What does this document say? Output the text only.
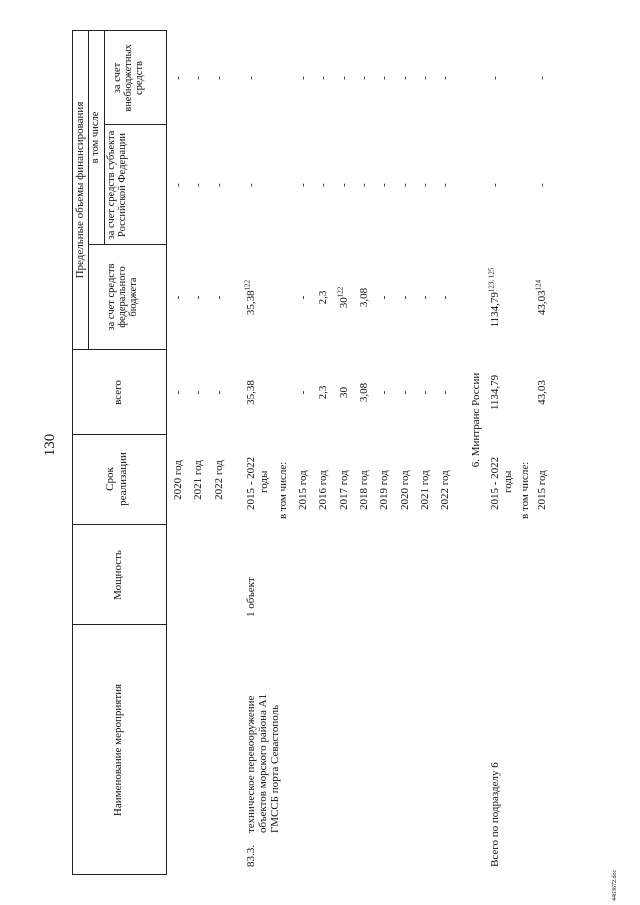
130
4463672.doc
Наименование мероприятия
Мощность
Срок реализации
всего
Предельные объемы финансирования в том числе
за счет средств федерального бюджета
за счет средств субъекта Российской Федерации
за счет внебюджетных средств
2020 год
-
-
-
-
2021 год
-
-
-
-
2022 год
-
-
-
-
83.3.
техническое перевооружение объектов морского района А1 ГМССБ порта Севастополь
1 объект
2015 - 2022 годы
35,38
35,38$^{122}$
-
-
в том числе: 2015 год
-
-
-
-
2016 год
2,3
2,3
-
-
2017 год
30
$30^{122}$
-
-
2018 год
3,08
3,08
-
-
2019 год
-
-
-
-
2020 год
-
-
-
-
2021 год
-
-
-
-
2022 год
-
-
-
-
6. Минтранс России
Всего по подразделу 6
2015 - 2022 годы
1134,79
1134,79$^{123, 125}$
-
-
в том числе: 2015 год
43,03
43,03$^{124}$
-
-
